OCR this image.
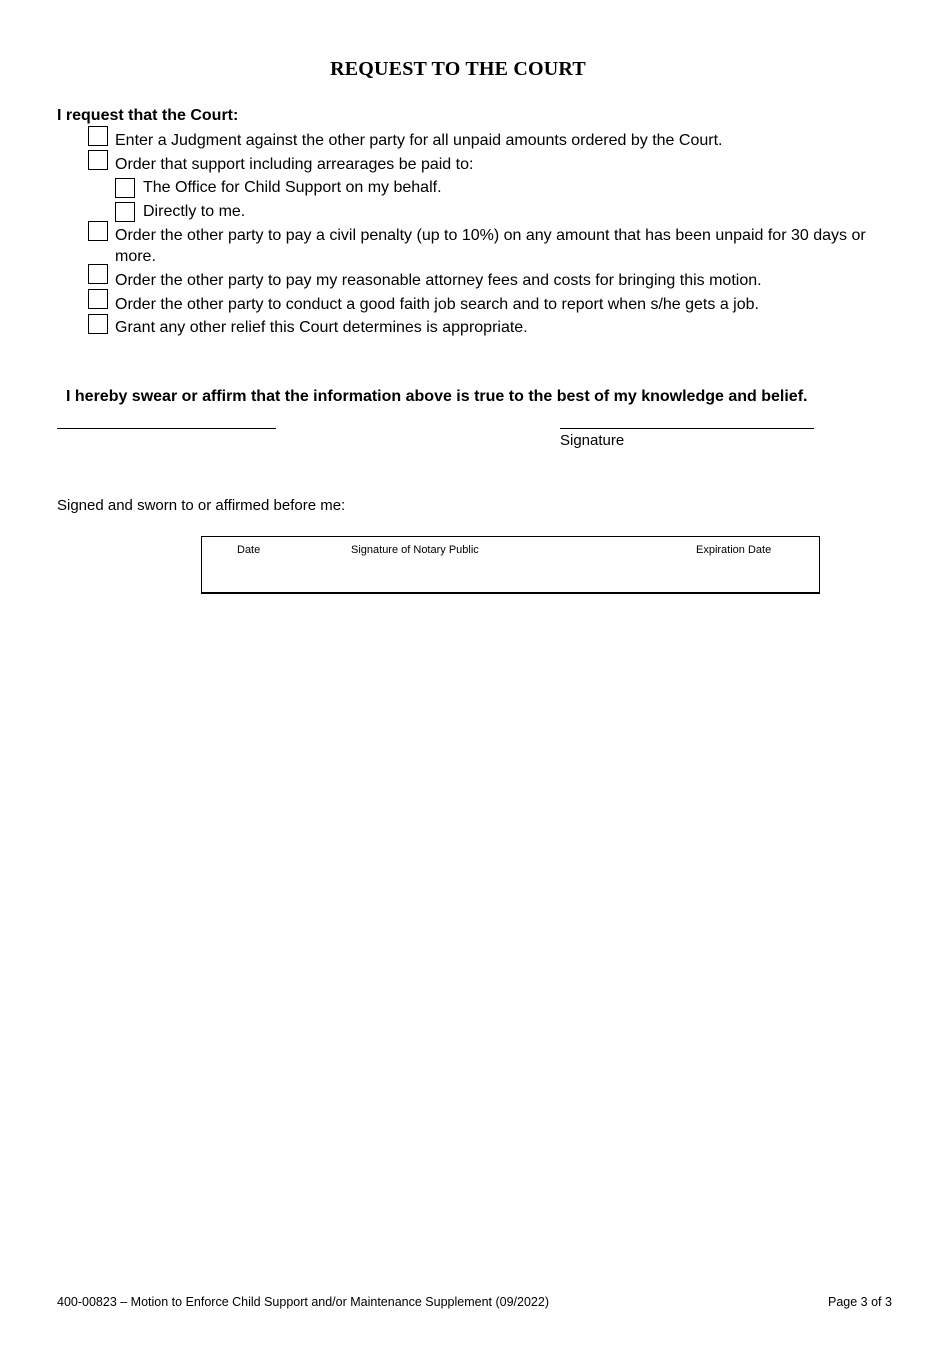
REQUEST TO THE COURT
I request that the Court:
Enter a Judgment against the other party for all unpaid amounts ordered by the Court.
Order that support including arrearages be paid to:
The Office for Child Support on my behalf.
Directly to me.
Order the other party to pay a civil penalty (up to 10%) on any amount that has been unpaid for 30 days or more.
Order the other party to pay my reasonable attorney fees and costs for bringing this motion.
Order the other party to conduct a good faith job search and to report when s/he gets a job.
Grant any other relief this Court determines is appropriate.
I hereby swear or affirm that the information above is true to the best of my knowledge and belief.
Signature
Signed and sworn to or affirmed before me:
Date	Signature of Notary Public	Expiration Date
400-00823 – Motion to Enforce Child Support and/or Maintenance Supplement (09/2022)	Page 3 of 3
